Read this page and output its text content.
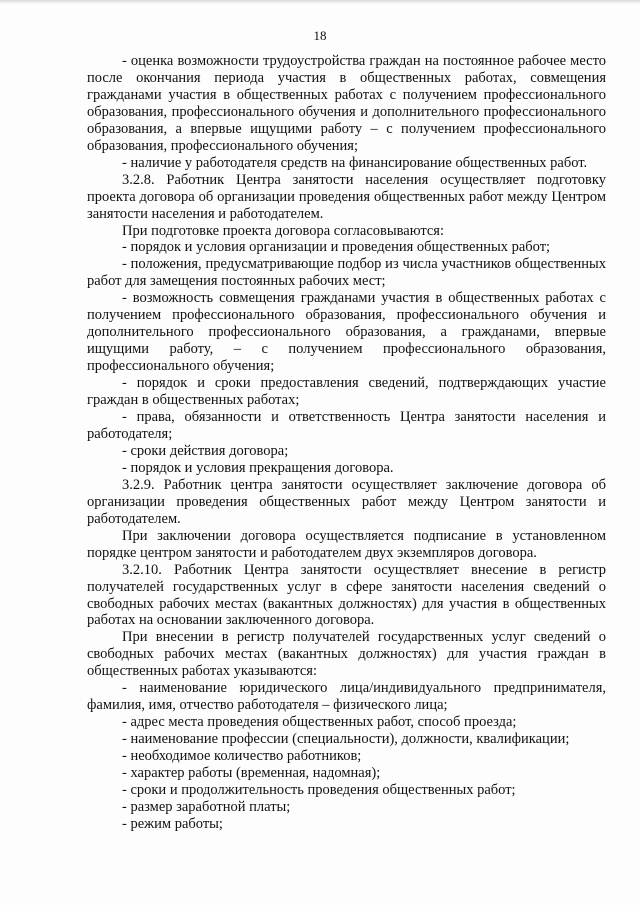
18

- оценка возможности трудоустройства граждан на постоянное рабочее место после окончания периода участия в общественных работах, совмещения гражданами участия в общественных работах с получением профессионального образования, профессионального обучения и дополнительного профессионального образования, а впервые ищущими работу – с получением профессионального образования, профессионального обучения;

- наличие у работодателя средств на финансирование общественных работ.

3.2.8. Работник Центра занятости населения осуществляет подготовку проекта договора об организации проведения общественных работ между Центром занятости населения и работодателем.

При подготовке проекта договора согласовываются:

- порядок и условия организации и проведения общественных работ;

- положения, предусматривающие подбор из числа участников общественных работ для замещения постоянных рабочих мест;

- возможность совмещения гражданами участия в общественных работах с получением профессионального образования, профессионального обучения и дополнительного профессионального образования, а гражданами, впервые ищущими работу, – с получением профессионального образования, профессионального обучения;

- порядок и сроки предоставления сведений, подтверждающих участие граждан в общественных работах;

- права, обязанности и ответственность Центра занятости населения и работодателя;

- сроки действия договора;

- порядок и условия прекращения договора.

3.2.9. Работник центра занятости осуществляет заключение договора об организации проведения общественных работ между Центром занятости и работодателем.

При заключении договора осуществляется подписание в установленном порядке центром занятости и работодателем двух экземпляров договора.

3.2.10. Работник Центра занятости осуществляет внесение в регистр получателей государственных услуг в сфере занятости населения сведений о свободных рабочих местах (вакантных должностях) для участия в общественных работах на основании заключенного договора.

При внесении в регистр получателей государственных услуг сведений о свободных рабочих местах (вакантных должностях) для участия граждан в общественных работах указываются:

- наименование юридического лица/индивидуального предпринимателя, фамилия, имя, отчество работодателя – физического лица;

- адрес места проведения общественных работ, способ проезда;

- наименование профессии (специальности), должности, квалификации;

- необходимое количество работников;

- характер работы (временная, надомная);

- сроки и продолжительность проведения общественных работ;

- размер заработной платы;

- режим работы;
